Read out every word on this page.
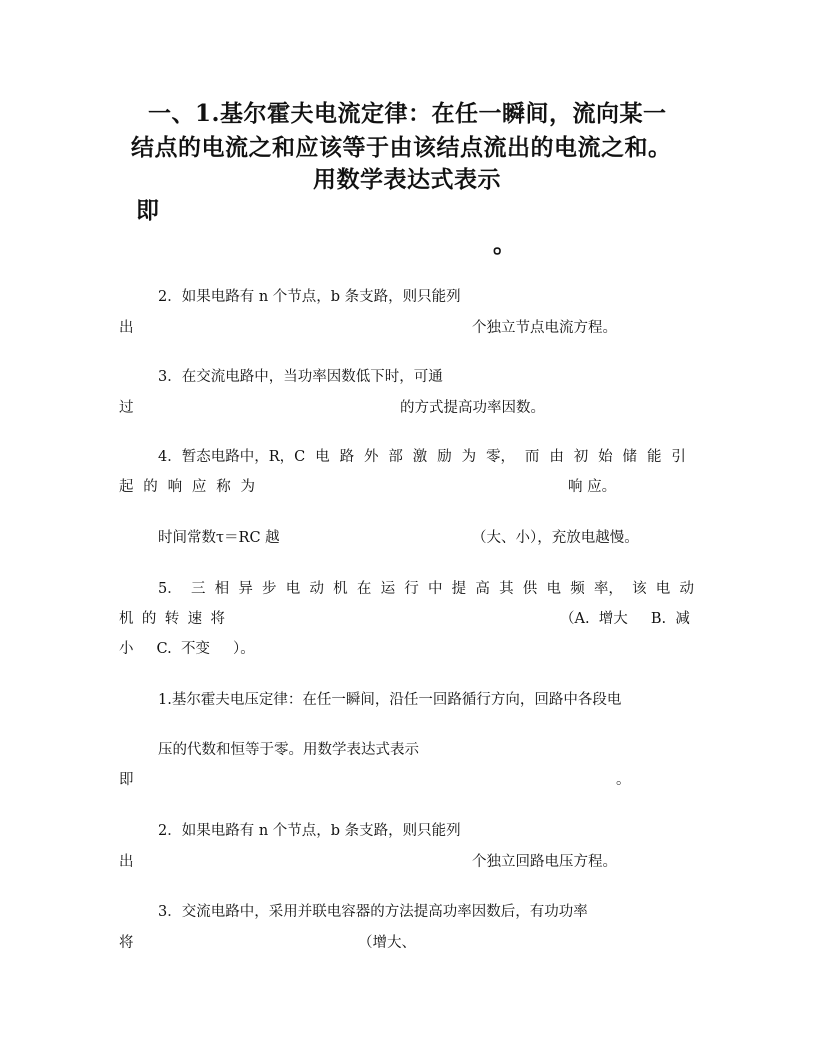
一、1.基尔霍夫电流定律：在任一瞬间，流向某一
结点的电流之和应该等于由该结点流出的电流之和。
用数学表达式表示
即
。
2．如果电路有 n 个节点，b 条支路，则只能列
出	个独立节点电流方程。
3．在交流电路中，当功率因数低下时，可通
过	的方式提高功率因数。
4．暂态电路中，R，C 电 路 外 部 激 励 为 零， 而 由 初 始 储 能 引
起 的 响 应 称 为	响 应。
时间常数τ＝RC 越	（大、小），充放电越慢。
5． 三 相 异 步 电 动 机 在 运 行 中 提 高 其 供 电 频 率， 该 电 动
机 的 转 速 将	（A.  增大     B.  减
小     C.  不变     ）。
1.基尔霍夫电压定律：在任一瞬间，沿任一回路循行方向，回路中各段电
压的代数和恒等于零。用数学表达式表示
即	。
2．如果电路有 n 个节点，b 条支路，则只能列
出	个独立回路电压方程。
3．交流电路中，采用并联电容器的方法提高功率因数后，有功功率
将	（增大、
